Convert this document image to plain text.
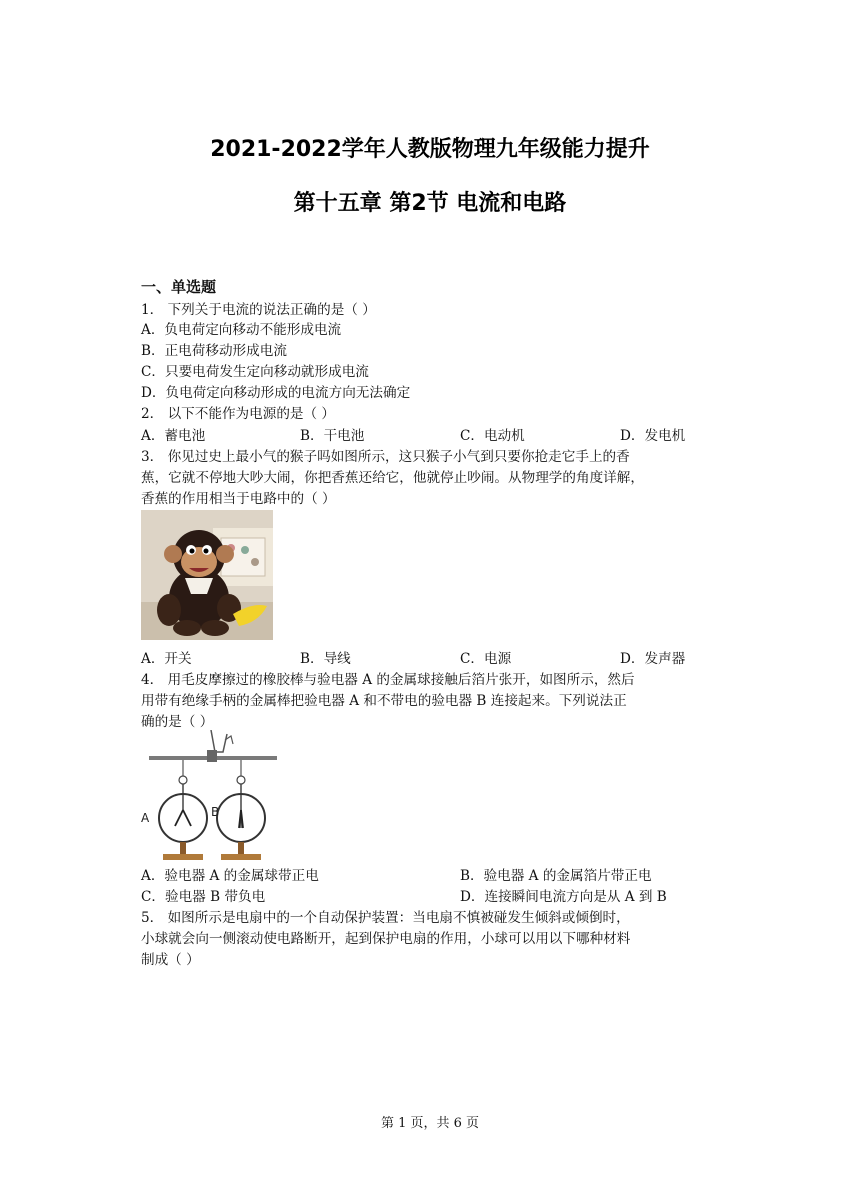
2021-2022学年人教版物理九年级能力提升
第十五章 第2节 电流和电路
一、单选题
1． 下列关于电流的说法正确的是（ ）
A．负电荷定向移动不能形成电流
B．正电荷移动形成电流
C．只要电荷发生定向移动就形成电流
D．负电荷定向移动形成的电流方向无法确定
2． 以下不能作为电源的是（ ）
A．蓄电池	B．干电池	C．电动机	D．发电机
3． 你见过史上最小气的猴子吗如图所示，这只猴子小气到只要你抢走它手上的香
蕉，它就不停地大吵大闹，你把香蕉还给它，他就停止吵闹。从物理学的角度详解，
香蕉的作用相当于电路中的（ ）
A．开关	B．导线	C．电源	D．发声器
4． 用毛皮摩擦过的橡胶棒与验电器 A 的金属球接触后箔片张开，如图所示，然后
用带有绝缘手柄的金属棒把验电器 A 和不带电的验电器 B 连接起来。下列说法正
确的是（ ）
A	B
A．验电器 A 的金属球带正电	B．验电器 A 的金属箔片带正电
C．验电器 B 带负电	D．连接瞬间电流方向是从 A 到 B
5． 如图所示是电扇中的一个自动保护装置：当电扇不慎被碰发生倾斜或倾倒时，
小球就会向一侧滚动使电路断开，起到保护电扇的作用，小球可以用以下哪种材料
制成（ ）
第 1 页，共 6 页
